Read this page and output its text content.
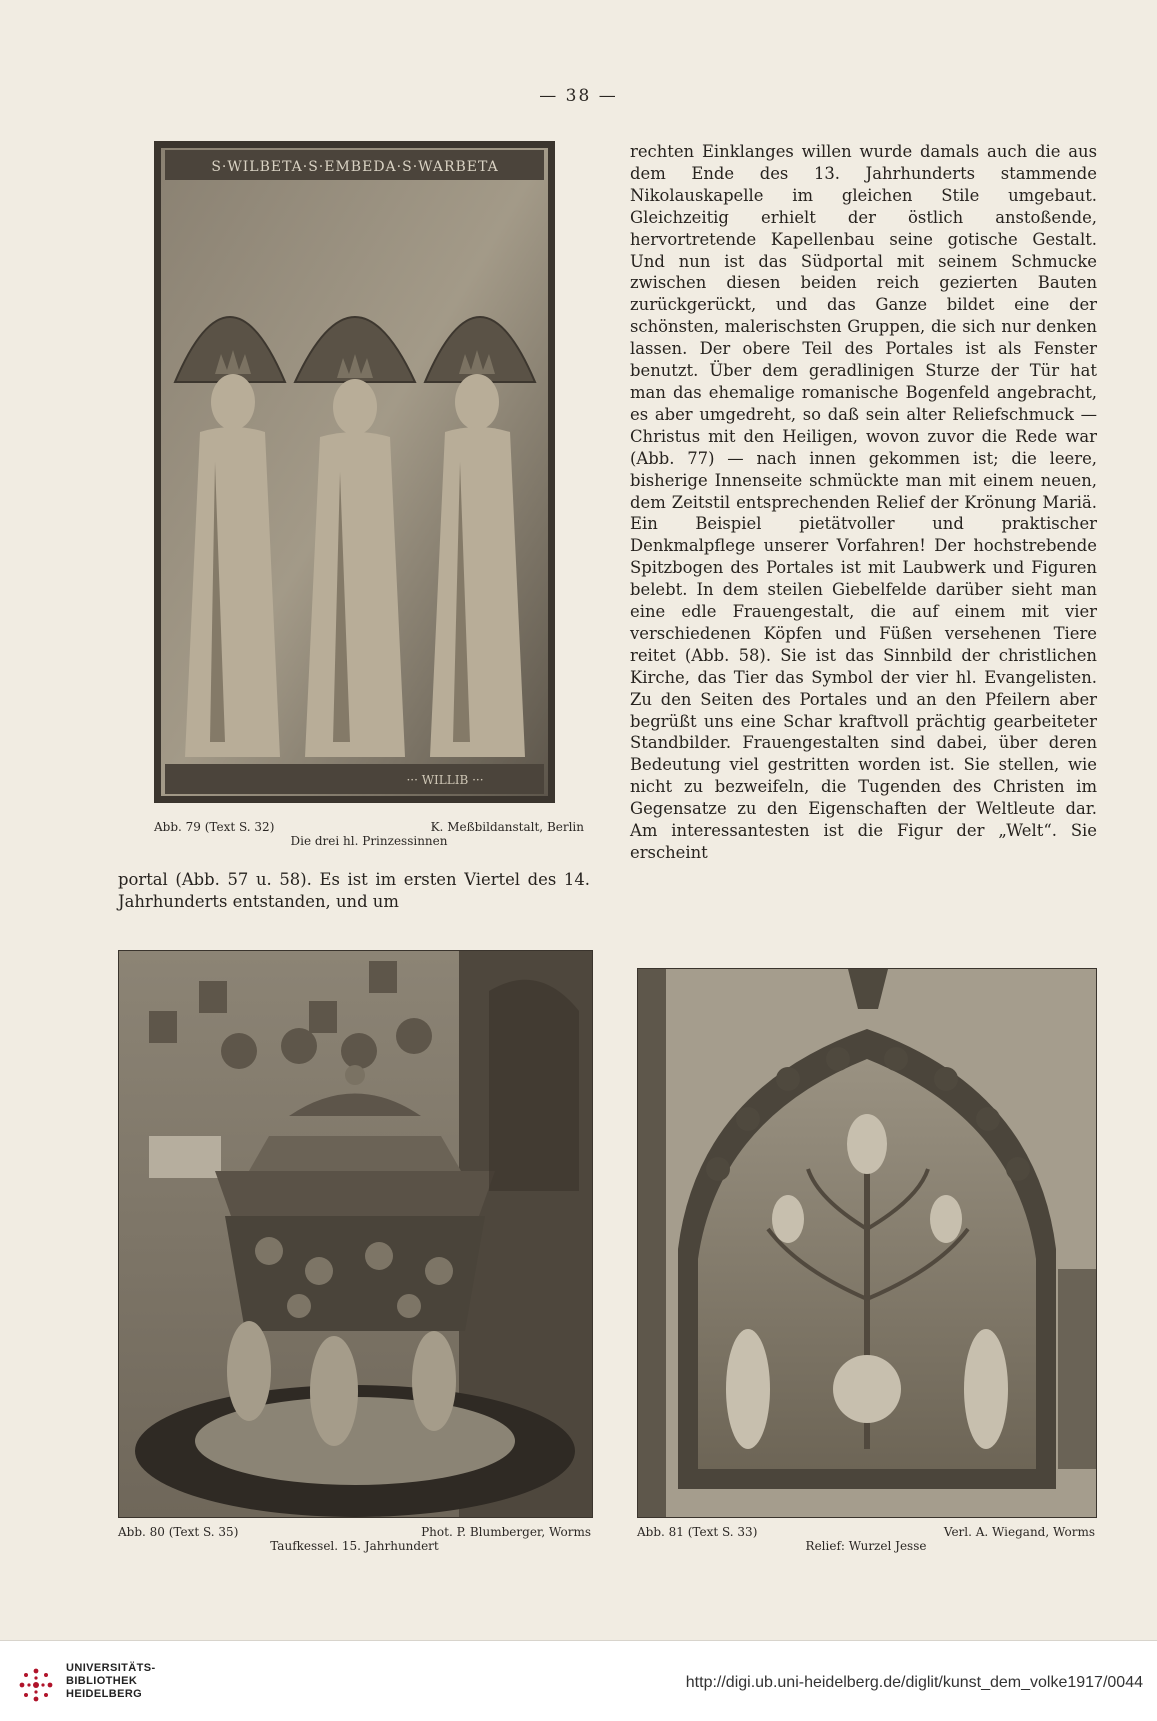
— 38 —
S·WILBETA·S·EMBEDA·S·WARBETA
··· WILLIB ···
Abb. 79 (Text S. 32)	K. Meßbildanstalt, Berlin
Die drei hl. Prinzessinnen

portal (Abb. 57 u. 58). Es ist im ersten Viertel des 14. Jahrhunderts entstanden, und um

rechten Einklanges willen wurde damals auch die aus dem Ende des 13. Jahrhunderts stammende Nikolauskapelle im gleichen Stile umgebaut. Gleichzeitig erhielt der östlich anstoßende, hervortretende Kapellenbau seine gotische Gestalt. Und nun ist das Südportal mit seinem Schmucke zwischen diesen beiden reich gezierten Bauten zurückgerückt, und das Ganze bildet eine der schönsten, malerischsten Gruppen, die sich nur denken lassen. Der obere Teil des Portales ist als Fenster benutzt. Über dem geradlinigen Sturze der Tür hat man das ehemalige romanische Bogenfeld angebracht, es aber umgedreht, so daß sein alter Reliefschmuck — Christus mit den Heiligen, wovon zuvor die Rede war (Abb. 77) — nach innen gekommen ist; die leere, bisherige Innenseite schmückte man mit einem neuen, dem Zeitstil entsprechenden Relief der Krönung Mariä. Ein Beispiel pietätvoller und praktischer Denkmalpflege unserer Vorfahren! Der hochstrebende Spitzbogen des Portales ist mit Laubwerk und Figuren belebt. In dem steilen Giebelfelde darüber sieht man eine edle Frauengestalt, die auf einem mit vier verschiedenen Köpfen und Füßen versehenen Tiere reitet (Abb. 58). Sie ist das Sinnbild der christlichen Kirche, das Tier das Symbol der vier hl. Evangelisten. Zu den Seiten des Portales und an den Pfeilern aber begrüßt uns eine Schar kraftvoll prächtig gearbeiteter Standbilder. Frauengestalten sind dabei, über deren Bedeutung viel gestritten worden ist. Sie stellen, wie nicht zu bezweifeln, die Tugenden des Christen im Gegensatze zu den Eigenschaften der Weltleute dar. Am interessantesten ist die Figur der „Welt“. Sie erscheint

Abb. 80 (Text S. 35)	Phot. P. Blumberger, Worms
Taufkessel. 15. Jahrhundert
Abb. 81 (Text S. 33)	Verl. A. Wiegand, Worms
Relief: Wurzel Jesse
UNIVERSITÄTS-
BIBLIOTHEK
HEIDELBERG
http://digi.ub.uni-heidelberg.de/diglit/kunst_dem_volke1917/0044
